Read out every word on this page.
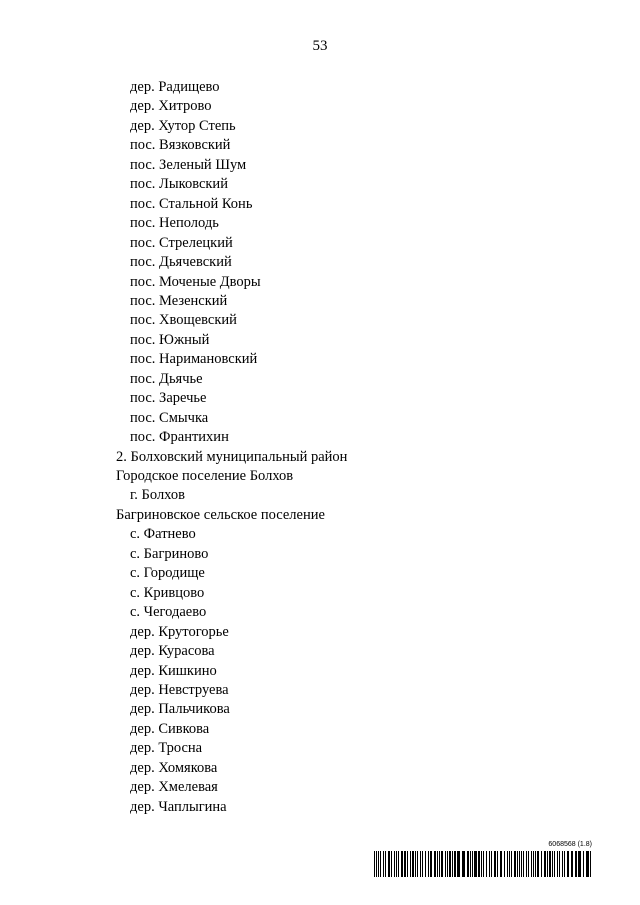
53
дер. Радищево
дер. Хитрово
дер. Хутор Степь
пос. Вязковский
пос. Зеленый Шум
пос. Лыковский
пос. Стальной Конь
пос. Неполодь
пос. Стрелецкий
пос. Дьячевский
пос. Моченые Дворы
пос. Мезенский
пос. Хвощевский
пос. Южный
пос. Наримановский
пос. Дьячье
пос. Заречье
пос. Смычка
пос. Франтихин
2. Болховский муниципальный район
Городское поселение Болхов
г. Болхов
Багриновское сельское поселение
с. Фатнево
с. Багриново
с. Городище
с. Кривцово
с. Чегодаево
дер. Крутогорье
дер. Курасова
дер. Кишкино
дер. Невструева
дер. Пальчикова
дер. Сивкова
дер. Тросна
дер. Хомякова
дер. Хмелевая
дер. Чаплыгина
6068568 (1.8)
